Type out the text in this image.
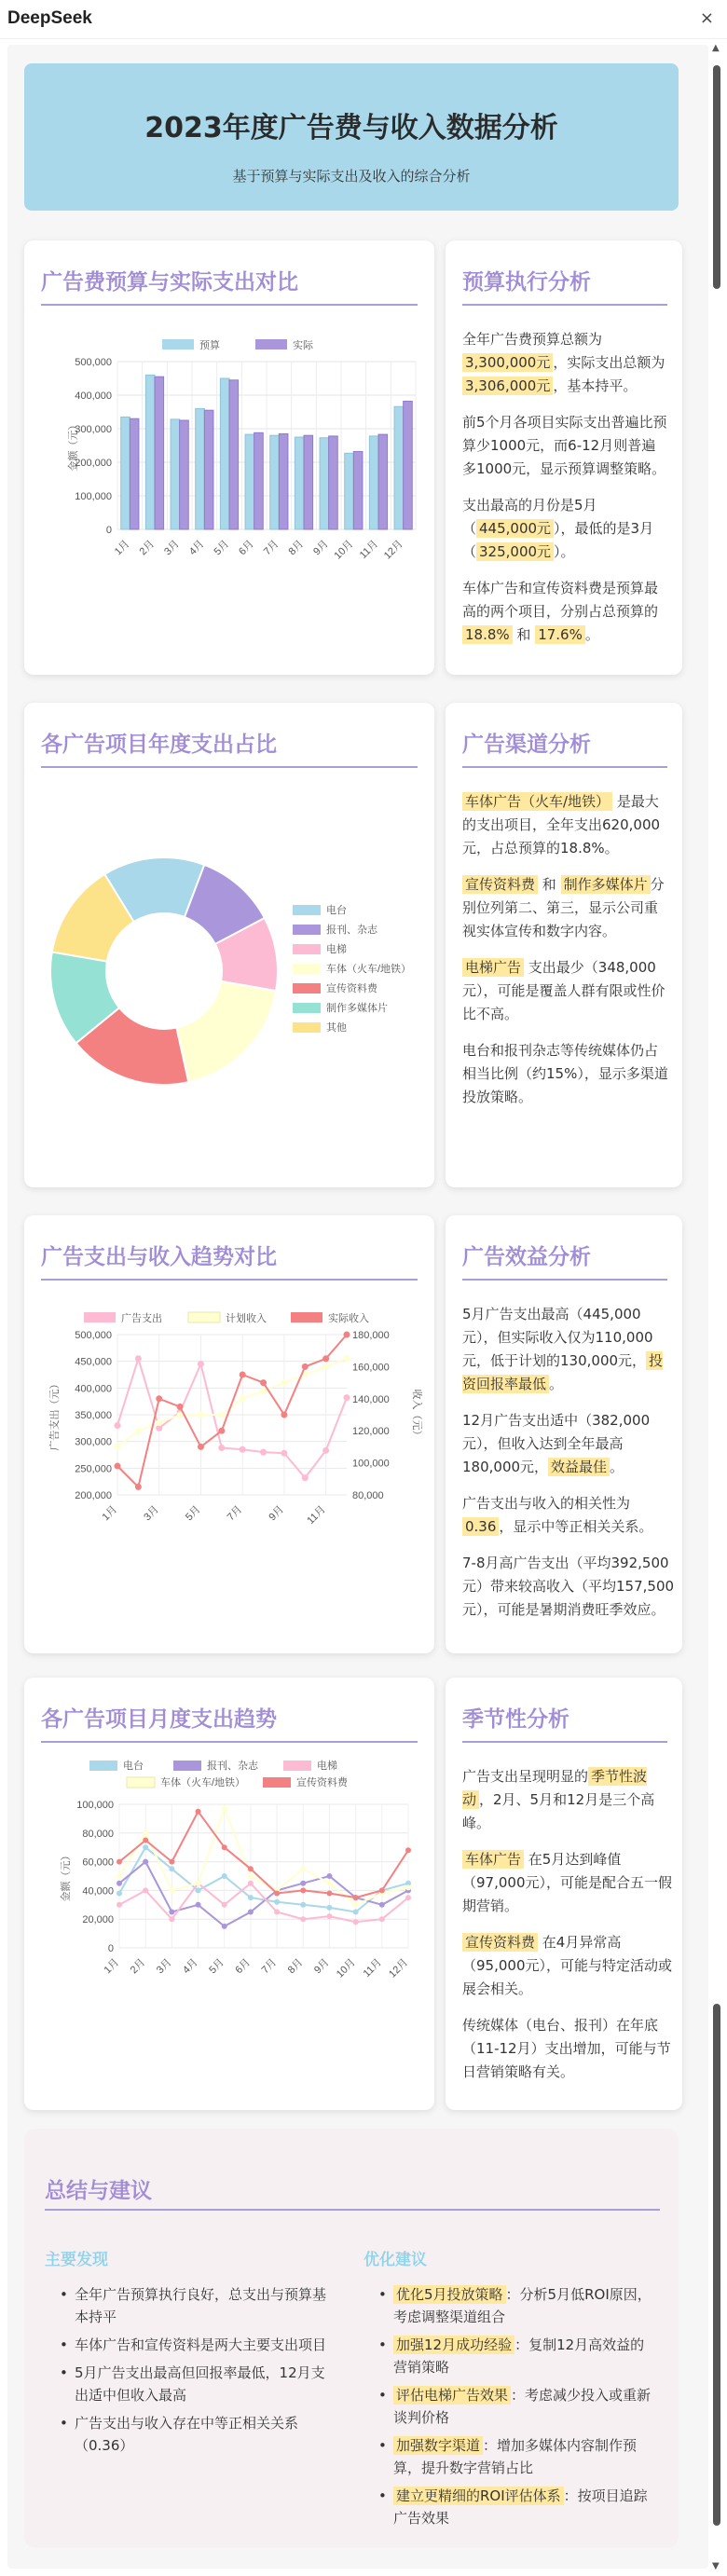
DeepSeek	×
▲
▼
2023年度广告费与收入数据分析

基于预算与实际支出及收入的综合分析

广告费预算与实际支出对比
预算	实际
0
100,000
200,000
300,000
400,000
500,000
1月 2月 3月 4月 5月 6月 7月 8月 9月 10月 11月 12月
金额（元）
预算执行分析

全年广告费预算总额为3,300,000元 ，实际支出总额为3,306,000元 ，基本持平。

前5个月各项目实际支出普遍比预算少1000元，而6-12月则普遍多1000元，显示预算调整策略。

支出最高的月份是5月（ 445,000元 ），最低的是3月（ 325,000元 ）。

车体广告和宣传资料费是预算最高的两个项目，分别占总预算的18.8% 和 17.6% 。

各广告项目年度支出占比
电台
报刊、杂志
电梯
车体（火车/地铁）
宣传资料费
制作多媒体片
其他
广告渠道分析

车体广告（火车/地铁） 是最大的支出项目，全年支出620,000元，占总预算的18.8%。

宣传资料费 和 制作多媒体片 分别位列第二、第三，显示公司重视实体宣传和数字内容。

电梯广告 支出最少（348,000元），可能是覆盖人群有限或性价比不高。

电台和报刊杂志等传统媒体仍占相当比例（约15%），显示多渠道投放策略。

广告支出与收入趋势对比
广告支出	计划收入	实际收入
200,000
250,000
300,000
350,000
400,000
450,000
500,000
80,000
100,000
120,000
140,000
160,000
180,000
1月 3月 5月 7月 9月 11月
广告支出（元）	收入（元）
广告效益分析

5月广告支出最高（445,000元），但实际收入仅为110,000元，低于计划的130,000元， 投资回报率最低 。

12月广告支出适中（382,000元），但收入达到全年最高180,000元， 效益最佳 。

广告支出与收入的相关性为0.36 ，显示中等正相关关系。

7-8月高广告支出（平均392,500元）带来较高收入（平均157,500元），可能是暑期消费旺季效应。

各广告项目月度支出趋势
电台	报刊、杂志	电梯
车体（火车/地铁）	宣传资料费
0
20,000
40,000
60,000
80,000
100,000
1月 2月 3月 4月 5月 6月 7月 8月 9月 10月 11月 12月
金额（元）
季节性分析

广告支出呈现明显的 季节性波动 ，2月、5月和12月是三个高峰。

车体广告 在5月达到峰值（97,000元），可能是配合五一假期营销。

宣传资料费 在4月异常高（95,000元），可能与特定活动或展会相关。

传统媒体（电台、报刊）在年底（11-12月）支出增加，可能与节日营销策略有关。

总结与建议
主要发现
• 全年广告预算执行良好，总支出与预算基本持平
• 车体广告和宣传资料是两大主要支出项目
• 5月广告支出最高但回报率最低，12月支出适中但收入最高
• 广告支出与收入存在中等正相关关系（0.36）
优化建议
• 优化5月投放策略 ：分析5月低ROI原因，考虑调整渠道组合
• 加强12月成功经验 ：复制12月高效益的营销策略
• 评估电梯广告效果 ：考虑减少投入或重新谈判价格
• 加强数字渠道 ：增加多媒体内容制作预算，提升数字营销占比
• 建立更精细的ROI评估体系 ：按项目追踪广告效果
